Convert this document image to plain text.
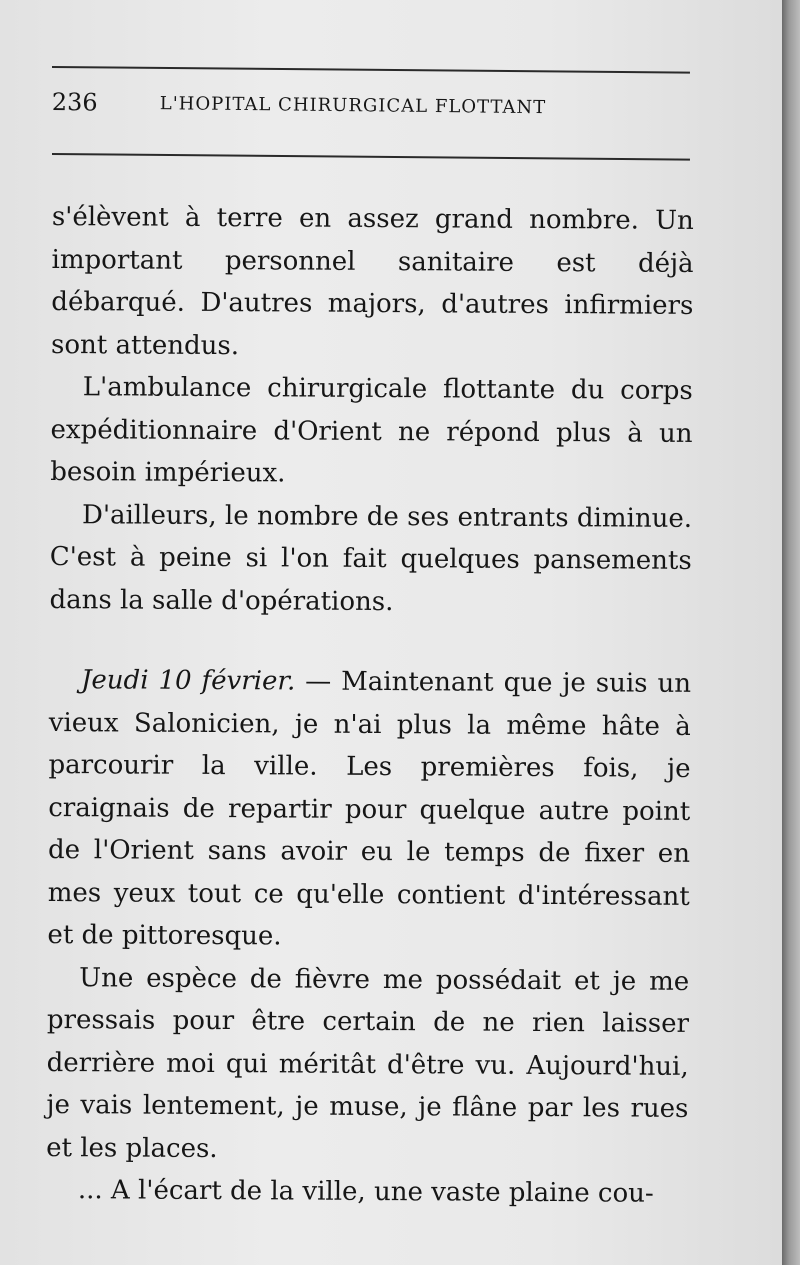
236	L'HOPITAL CHIRURGICAL FLOTTANT

s'élèvent à terre en assez grand nombre. Un important personnel sanitaire est déjà débarqué. D'autres majors, d'autres infirmiers sont attendus.

L'ambulance chirurgicale flottante du corps expéditionnaire d'Orient ne répond plus à un besoin impérieux.

D'ailleurs, le nombre de ses entrants diminue. C'est à peine si l'on fait quelques pansements dans la salle d'opérations.

Jeudi 10 février. — Maintenant que je suis un vieux Salonicien, je n'ai plus la même hâte à parcourir la ville. Les premières fois, je craignais de repartir pour quelque autre point de l'Orient sans avoir eu le temps de fixer en mes yeux tout ce qu'elle contient d'intéressant et de pittoresque.

Une espèce de fièvre me possédait et je me pressais pour être certain de ne rien laisser derrière moi qui méritât d'être vu. Aujourd'hui, je vais lentement, je muse, je flâne par les rues et les places.

... A l'écart de la ville, une vaste plaine cou-
